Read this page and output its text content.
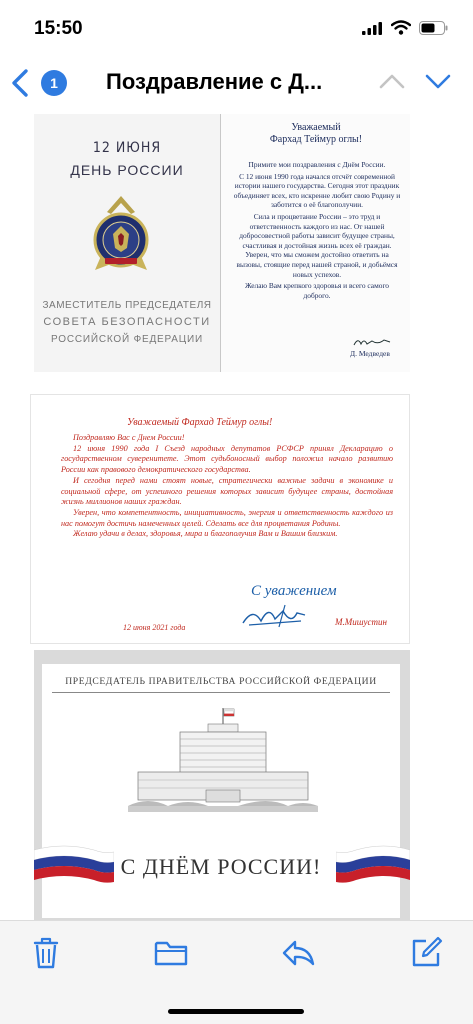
15:50
1	Поздравление с Д...
12 ИЮНЯ
ДЕНЬ РОССИИ
ЗАМЕСТИТЕЛЬ ПРЕДСЕДАТЕЛЯ
СОВЕТА БЕЗОПАСНОСТИ
РОССИЙСКОЙ ФЕДЕРАЦИИ
Уважаемый
Фархад Теймур оглы!

Примите мои поздравления с Днём России.

С 12 июня 1990 года начался отсчёт современной истории нашего государства. Сегодня этот праздник объединяет всех, кто искренне любит свою Родину и заботится о её благополучии.

Сила и процветание России – это труд и ответственность каждого из нас. От нашей добросовестной работы зависит будущее страны, счастливая и достойная жизнь всех её граждан. Уверен, что мы сможем достойно ответить на вызовы, стоящие перед нашей страной, и добьёмся новых успехов.

Желаю Вам крепкого здоровья и всего самого доброго.

Д. Медведев
Уважаемый Фархад Теймур оглы!

Поздравляю Вас с Днем России!

12 июня 1990 года I Съезд народных депутатов РСФСР принял Декларацию о государственном суверенитете. Этот судьбоносный выбор положил начало развитию России как правового демократического государства.

И сегодня перед нами стоят новые, стратегически важные задачи в экономике и социальной сфере, от успешного решения которых зависит будущее страны, достойная жизнь миллионов наших граждан.

Уверен, что компетентность, инициативность, энергия и ответственность каждого из нас помогут достичь намеченных целей. Сделать все для процветания Родины.

Желаю удачи в делах, здоровья, мира и благополучия Вам и Вашим близким.

С уважением
М.Мишустин
12 июня 2021 года
ПРЕДСЕДАТЕЛЬ ПРАВИТЕЛЬСТВА РОССИЙСКОЙ ФЕДЕРАЦИИ
С ДНЁМ РОССИИ!
